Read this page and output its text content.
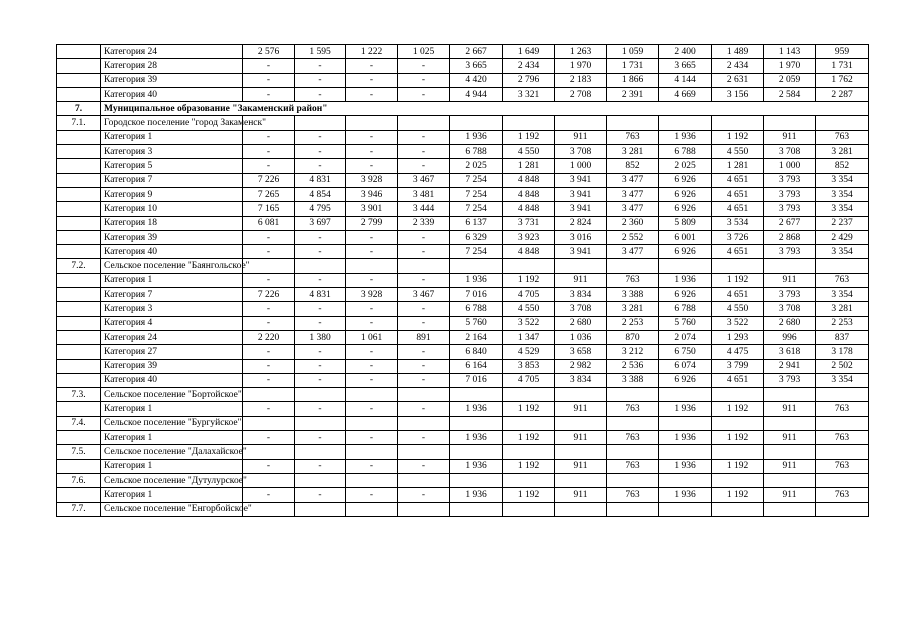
	Категория 24	2 576	1 595	1 222	1 025	2 667	1 649	1 263	1 059	2 400	1 489	1 143	959
	Категория 28	-	-	-	-	3 665	2 434	1 970	1 731	3 665	2 434	1 970	1 731
	Категория 39	-	-	-	-	4 420	2 796	2 183	1 866	4 144	2 631	2 059	1 762
	Категория 40	-	-	-	-	4 944	3 321	2 708	2 391	4 669	3 156	2 584	2 287
7.	Муниципальное образование "Закаменский район"												
7.1.	Городское поселение "город Закаменск"												
	Категория 1	-	-	-	-	1 936	1 192	911	763	1 936	1 192	911	763
	Категория 3	-	-	-	-	6 788	4 550	3 708	3 281	6 788	4 550	3 708	3 281
	Категория 5	-	-	-	-	2 025	1 281	1 000	852	2 025	1 281	1 000	852
	Категория 7	7 226	4 831	3 928	3 467	7 254	4 848	3 941	3 477	6 926	4 651	3 793	3 354
	Категория 9	7 265	4 854	3 946	3 481	7 254	4 848	3 941	3 477	6 926	4 651	3 793	3 354
	Категория 10	7 165	4 795	3 901	3 444	7 254	4 848	3 941	3 477	6 926	4 651	3 793	3 354
	Категория 18	6 081	3 697	2 799	2 339	6 137	3 731	2 824	2 360	5 809	3 534	2 677	2 237
	Категория 39	-	-	-	-	6 329	3 923	3 016	2 552	6 001	3 726	2 868	2 429
	Категория 40	-	-	-	-	7 254	4 848	3 941	3 477	6 926	4 651	3 793	3 354
7.2.	Сельское поселение "Баянгольское"												
	Категория 1	-	-	-	-	1 936	1 192	911	763	1 936	1 192	911	763
	Категория 7	7 226	4 831	3 928	3 467	7 016	4 705	3 834	3 388	6 926	4 651	3 793	3 354
	Категория 3	-	-	-	-	6 788	4 550	3 708	3 281	6 788	4 550	3 708	3 281
	Категория 4	-	-	-	-	5 760	3 522	2 680	2 253	5 760	3 522	2 680	2 253
	Категория 24	2 220	1 380	1 061	891	2 164	1 347	1 036	870	2 074	1 293	996	837
	Категория 27	-	-	-	-	6 840	4 529	3 658	3 212	6 750	4 475	3 618	3 178
	Категория 39	-	-	-	-	6 164	3 853	2 982	2 536	6 074	3 799	2 941	2 502
	Категория 40	-	-	-	-	7 016	4 705	3 834	3 388	6 926	4 651	3 793	3 354
7.3.	Сельское поселение "Бортойское"												
	Категория 1	-	-	-	-	1 936	1 192	911	763	1 936	1 192	911	763
7.4.	Сельское поселение "Бургуйское"												
	Категория 1	-	-	-	-	1 936	1 192	911	763	1 936	1 192	911	763
7.5.	Сельское поселение "Далахайское"												
	Категория 1	-	-	-	-	1 936	1 192	911	763	1 936	1 192	911	763
7.6.	Сельское поселение "Дутулурское"												
	Категория 1	-	-	-	-	1 936	1 192	911	763	1 936	1 192	911	763
7.7.	Сельское поселение "Енгорбойское"												
